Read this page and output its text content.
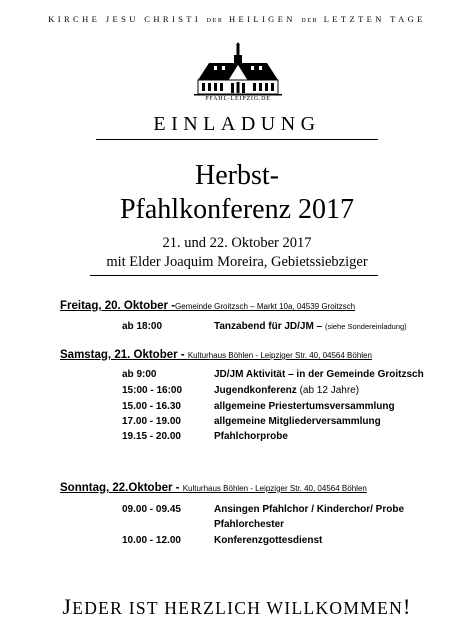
KIRCHE JESU CHRISTI DER HEILIGEN DER LETZTEN TAGE
PFAHL-LEIPZIG.DE
EINLADUNG
Herbst-
Pfahlkonferenz 2017
21. und 22. Oktober 2017
mit Elder Joaquim Moreira, Gebietssiebziger
Freitag, 20. Oktober -Gemeinde Groitzsch – Markt 10a, 04539 Groitzsch
ab 18:00	Tanzabend für JD/JM – (siehe Sondereinladung)
Samstag, 21. Oktober - Kulturhaus Böhlen - Leipziger Str. 40, 04564 Böhlen
ab 9:00	JD/JM Aktivität – in der Gemeinde Groitzsch
15:00 - 16:00	Jugendkonferenz (ab 12 Jahre)
15.00 - 16.30	allgemeine Priestertumsversammlung
17.00 - 19.00	allgemeine Mitgliederversammlung
19.15 - 20.00	Pfahlchorprobe
Sonntag, 22.Oktober - Kulturhaus Böhlen - Leipziger Str. 40, 04564 Böhlen
09.00 - 09.45	Ansingen Pfahlchor / Kinderchor/ Probe
Pfahlorchester
10.00 - 12.00	Konferenzgottesdienst
JEDER IST HERZLICH WILLKOMMEN!
